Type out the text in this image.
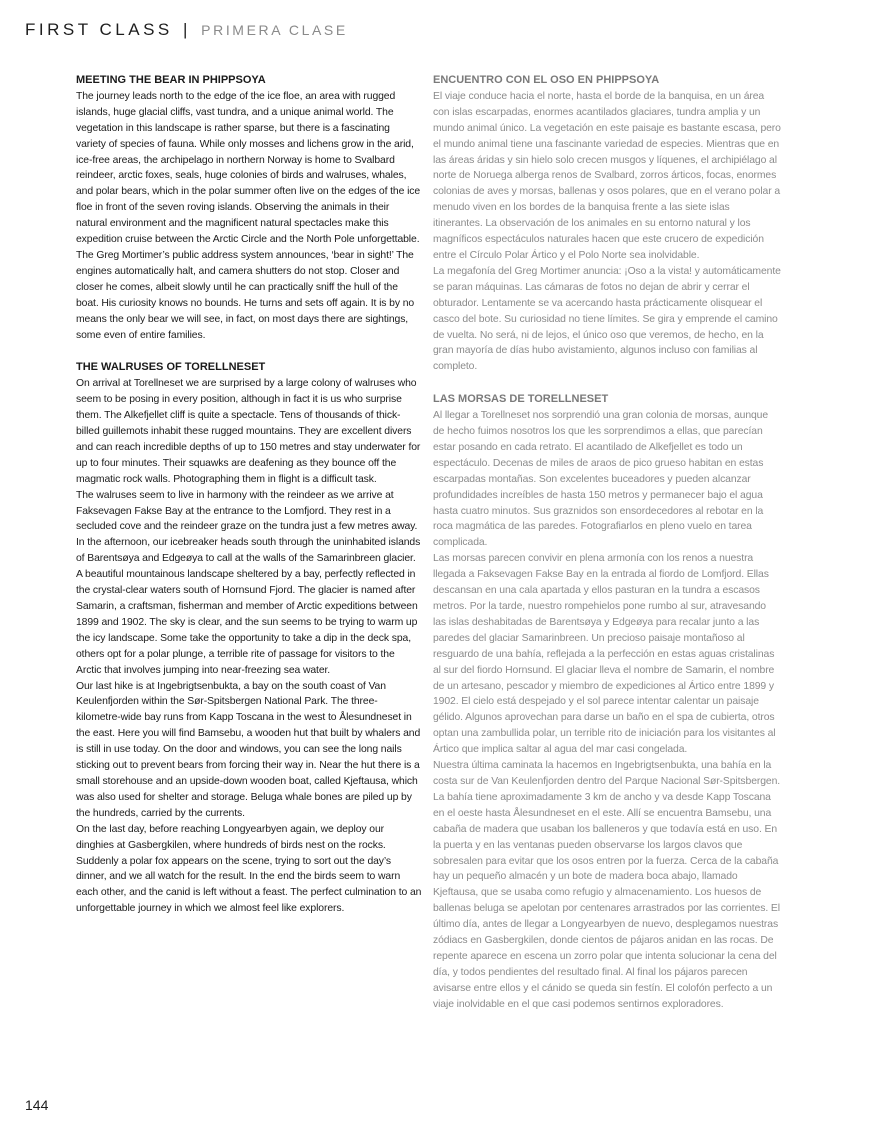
FIRST CLASS | PRIMERA CLASE
MEETING THE BEAR IN PHIPPSOYA

The journey leads north to the edge of the ice floe, an area with rugged islands, huge glacial cliffs, vast tundra, and a unique animal world. The vegetation in this landscape is rather sparse, but there is a fascinating variety of species of fauna. While only mosses and lichens grow in the arid, ice-free areas, the archipelago in northern Norway is home to Svalbard reindeer, arctic foxes, seals, huge colonies of birds and walruses, whales, and polar bears, which in the polar summer often live on the edges of the ice floe in front of the seven roving islands. Observing the animals in their natural environment and the magnificent natural spectacles make this expedition cruise between the Arctic Circle and the North Pole unforgettable.

The Greg Mortimer’s public address system announces, ‘bear in sight!’ The engines automatically halt, and camera shutters do not stop. Closer and closer he comes, albeit slowly until he can practically sniff the hull of the boat. His curiosity knows no bounds. He turns and sets off again. It is by no means the only bear we will see, in fact, on most days there are sightings, some even of entire families.

THE WALRUSES OF TORELLNESET

On arrival at Torellneset we are surprised by a large colony of walruses who seem to be posing in every position, although in fact it is us who surprise them. The Alkefjellet cliff is quite a spectacle. Tens of thousands of thick-billed guillemots inhabit these rugged mountains. They are excellent divers and can reach incredible depths of up to 150 metres and stay underwater for up to four minutes. Their squawks are deafening as they bounce off the magmatic rock walls. Photographing them in flight is a difficult task.

The walruses seem to live in harmony with the reindeer as we arrive at Faksevagen Fakse Bay at the entrance to the Lomfjord. They rest in a secluded cove and the reindeer graze on the tundra just a few metres away. In the afternoon, our icebreaker heads south through the uninhabited islands of Barentsøya and Edgeøya to call at the walls of the Samarinbreen glacier. A beautiful mountainous landscape sheltered by a bay, perfectly reflected in the crystal-clear waters south of Hornsund Fjord. The glacier is named after Samarin, a craftsman, fisherman and member of Arctic expeditions between 1899 and 1902. The sky is clear, and the sun seems to be trying to warm up the icy landscape. Some take the opportunity to take a dip in the deck spa, others opt for a polar plunge, a terrible rite of passage for visitors to the Arctic that involves jumping into near-freezing sea water.

Our last hike is at Ingebrigtsenbukta, a bay on the south coast of Van Keulenfjorden within the Sør-Spitsbergen National Park. The three-kilometre-wide bay runs from Kapp Toscana in the west to Ålesundneset in the east. Here you will find Bamsebu, a wooden hut that built by whalers and is still in use today. On the door and windows, you can see the long nails sticking out to prevent bears from forcing their way in. Near the hut there is a small storehouse and an upside-down wooden boat, called Kjeftausa, which was also used for shelter and storage. Beluga whale bones are piled up by the hundreds, carried by the currents.

On the last day, before reaching Longyearbyen again, we deploy our dinghies at Gasbergkilen, where hundreds of birds nest on the rocks. Suddenly a polar fox appears on the scene, trying to sort out the day’s dinner, and we all watch for the result. In the end the birds seem to warn each other, and the canid is left without a feast. The perfect culmination to an unforgettable journey in which we almost feel like explorers.

ENCUENTRO CON EL OSO EN PHIPPSOYA

El viaje conduce hacia el norte, hasta el borde de la banquisa, en un área con islas escarpadas, enormes acantilados glaciares, tundra amplia y un mundo animal único. La vegetación en este paisaje es bastante escasa, pero el mundo animal tiene una fascinante variedad de especies. Mientras que en las áreas áridas y sin hielo solo crecen musgos y líquenes, el archipiélago al norte de Noruega alberga renos de Svalbard, zorros árticos, focas, enormes colonias de aves y morsas, ballenas y osos polares, que en el verano polar a menudo viven en los bordes de la banquisa frente a las siete islas itinerantes. La observación de los animales en su entorno natural y los magníficos espectáculos naturales hacen que este crucero de expedición entre el Círculo Polar Ártico y el Polo Norte sea inolvidable.

La megafonía del Greg Mortimer anuncia: ¡Oso a la vista! y automáticamente se paran máquinas. Las cámaras de fotos no dejan de abrir y cerrar el obturador. Lentamente se va acercando hasta prácticamente olisquear el casco del bote. Su curiosidad no tiene límites. Se gira y emprende el camino de vuelta. No será, ni de lejos, el único oso que veremos, de hecho, en la gran mayoría de días hubo avistamiento, algunos incluso con familias al completo.

LAS MORSAS DE TORELLNESET

Al llegar a Torellneset nos sorprendió una gran colonia de morsas, aunque de hecho fuimos nosotros los que les sorprendimos a ellas, que parecían estar posando en cada retrato. El acantilado de Alkefjellet es todo un espectáculo. Decenas de miles de araos de pico grueso habitan en estas escarpadas montañas. Son excelentes buceadores y pueden alcanzar profundidades increíbles de hasta 150 metros y permanecer bajo el agua hasta cuatro minutos. Sus graznidos son ensordecedores al rebotar en la roca magmática de las paredes. Fotografiarlos en pleno vuelo en tarea complicada.

Las morsas parecen convivir en plena armonía con los renos a nuestra llegada a Faksevagen Fakse Bay en la entrada al fiordo de Lomfjord. Ellas descansan en una cala apartada y ellos pasturan en la tundra a escasos metros. Por la tarde, nuestro rompehielos pone rumbo al sur, atravesando las islas deshabitadas de Barentsøya y Edgeøya para recalar junto a las paredes del glaciar Samarinbreen. Un precioso paisaje montañoso al resguardo de una bahía, reflejada a la perfección en estas aguas cristalinas al sur del fiordo Hornsund. El glaciar lleva el nombre de Samarin, el nombre de un artesano, pescador y miembro de expediciones al Ártico entre 1899 y 1902. El cielo está despejado y el sol parece intentar calentar un paisaje gélido. Algunos aprovechan para darse un baño en el spa de cubierta, otros optan una zambullida polar, un terrible rito de iniciación para los visitantes al Ártico que implica saltar al agua del mar casi congelada.

Nuestra última caminata la hacemos en Ingebrigtsenbukta, una bahía en la costa sur de Van Keulenfjorden dentro del Parque Nacional Sør-Spitsbergen. La bahía tiene aproximadamente 3 km de ancho y va desde Kapp Toscana en el oeste hasta Ålesundneset en el este. Allí se encuentra Bamsebu, una cabaña de madera que usaban los balleneros y que todavía está en uso. En la puerta y en las ventanas pueden observarse los largos clavos que sobresalen para evitar que los osos entren por la fuerza. Cerca de la cabaña hay un pequeño almacén y un bote de madera boca abajo, llamado Kjeftausa, que se usaba como refugio y almacenamiento. Los huesos de ballenas beluga se apelotan por centenares arrastrados por las corrientes. El último día, antes de llegar a Longyearbyen de nuevo, desplegamos nuestras zódiacs en Gasbergkilen, donde cientos de pájaros anidan en las rocas. De repente aparece en escena un zorro polar que intenta solucionar la cena del día, y todos pendientes del resultado final. Al final los pájaros parecen avisarse entre ellos y el cánido se queda sin festín. El colofón perfecto a un viaje inolvidable en el que casi podemos sentirnos exploradores.

144
